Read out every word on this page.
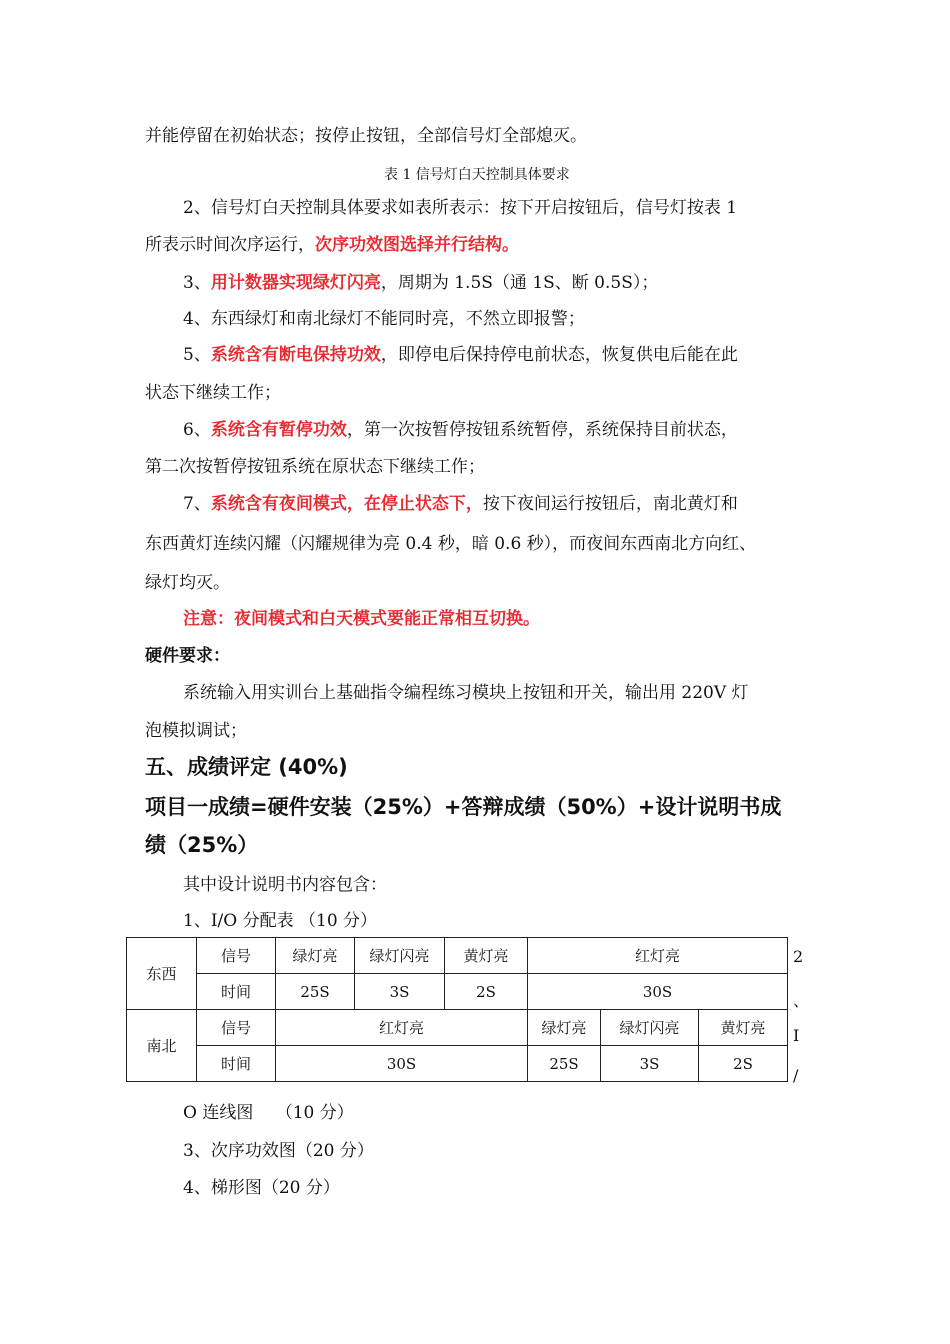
并能停留在初始状态；按停止按钮，全部信号灯全部熄灭。
表 1 信号灯白天控制具体要求
2、信号灯白天控制具体要求如表所表示：按下开启按钮后，信号灯按表 1
所表示时间次序运行，次序功效图选择并行结构。
3、用计数器实现绿灯闪亮，周期为 1.5S（通 1S、断 0.5S）；
4、东西绿灯和南北绿灯不能同时亮，不然立即报警；
5、系统含有断电保持功效，即停电后保持停电前状态，恢复供电后能在此
状态下继续工作；
6、系统含有暂停功效，第一次按暂停按钮系统暂停，系统保持目前状态，
第二次按暂停按钮系统在原状态下继续工作；
7、系统含有夜间模式，在停止状态下，按下夜间运行按钮后，南北黄灯和
东西黄灯连续闪耀（闪耀规律为亮 0.4 秒，暗 0.6 秒），而夜间东西南北方向红、
绿灯均灭。
注意：夜间模式和白天模式要能正常相互切换。
硬件要求：
系统输入用实训台上基础指令编程练习模块上按钮和开关，输出用 220V 灯
泡模拟调试；
五、成绩评定 (40%)
项目一成绩=硬件安装（25%）+答辩成绩（50%）+设计说明书成
绩（25%）
其中设计说明书内容包含：
1、I/O 分配表 （10 分）
东西	信号	绿灯亮	绿灯闪亮	黄灯亮	红灯亮		
	时间	25S	3S	2S	30S		
南北	信号	红灯亮			绿灯亮	绿灯闪亮	黄灯亮
	时间	30S			25S	3S	2S
2
、
I
/
O 连线图　 （10 分）
3、次序功效图（20 分）
4、梯形图（20 分）
